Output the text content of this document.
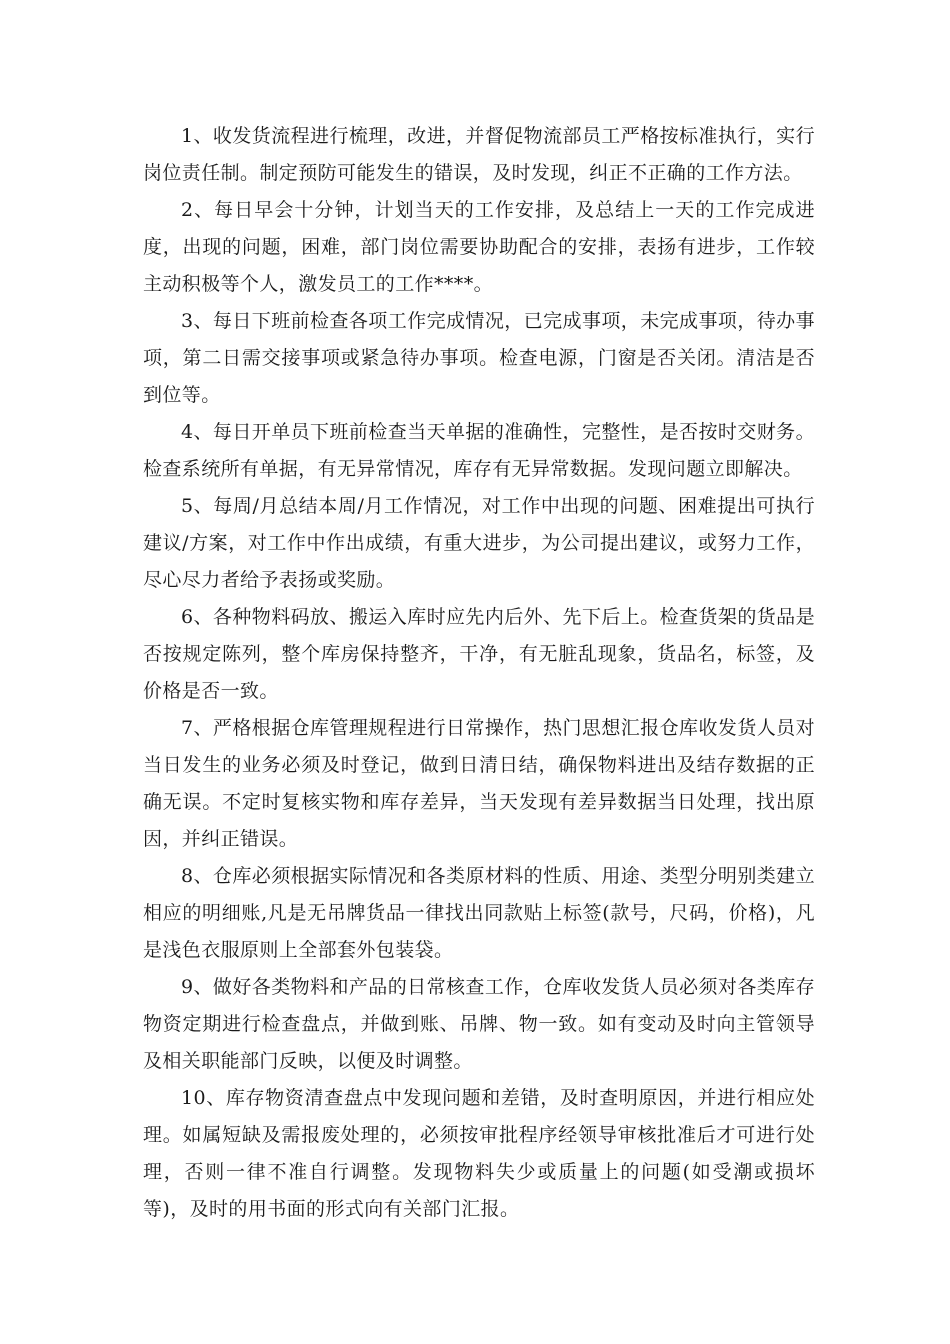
1、收发货流程进行梳理，改进，并督促物流部员工严格按标准执行，实行岗位责任制。制定预防可能发生的错误，及时发现，纠正不正确的工作方法。

2、每日早会十分钟，计划当天的工作安排，及总结上一天的工作完成进度，出现的问题，困难，部门岗位需要协助配合的安排，表扬有进步，工作较主动积极等个人，激发员工的工作****。

3、每日下班前检查各项工作完成情况，已完成事项，未完成事项，待办事项，第二日需交接事项或紧急待办事项。检查电源，门窗是否关闭。清洁是否到位等。

4、每日开单员下班前检查当天单据的准确性，完整性，是否按时交财务。检查系统所有单据，有无异常情况，库存有无异常数据。发现问题立即解决。

5、每周/月总结本周/月工作情况，对工作中出现的问题、困难提出可执行建议/方案，对工作中作出成绩，有重大进步，为公司提出建议，或努力工作，尽心尽力者给予表扬或奖励。

6、各种物料码放、搬运入库时应先内后外、先下后上。检查货架的货品是否按规定陈列，整个库房保持整齐，干净，有无脏乱现象，货品名，标签，及价格是否一致。

7、严格根据仓库管理规程进行日常操作，热门思想汇报仓库收发货人员对当日发生的业务必须及时登记，做到日清日结，确保物料进出及结存数据的正确无误。不定时复核实物和库存差异，当天发现有差异数据当日处理，找出原因，并纠正错误。

8、仓库必须根据实际情况和各类原材料的性质、用途、类型分明别类建立相应的明细账,凡是无吊牌货品一律找出同款贴上标签(款号，尺码，价格)，凡是浅色衣服原则上全部套外包装袋。

9、做好各类物料和产品的日常核查工作，仓库收发货人员必须对各类库存物资定期进行检查盘点，并做到账、吊牌、物一致。如有变动及时向主管领导及相关职能部门反映，以便及时调整。

10、库存物资清查盘点中发现问题和差错，及时查明原因，并进行相应处理。如属短缺及需报废处理的，必须按审批程序经领导审核批准后才可进行处理，否则一律不准自行调整。发现物料失少或质量上的问题(如受潮或损坏等)，及时的用书面的形式向有关部门汇报。
